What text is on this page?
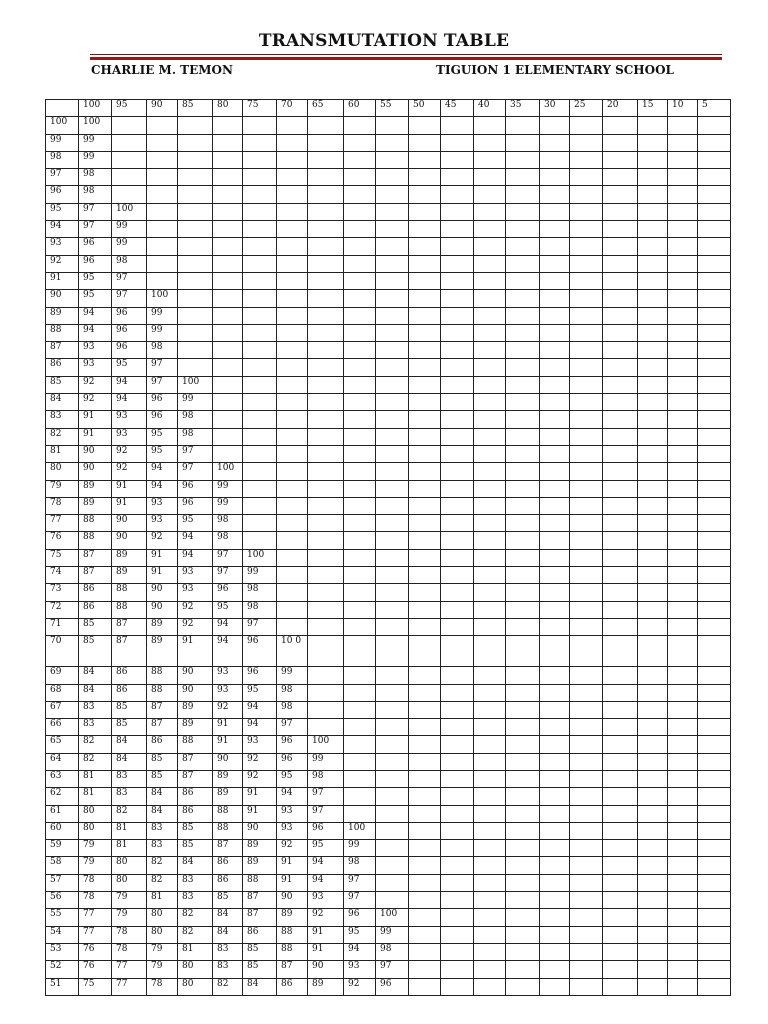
TRANSMUTATION TABLE
CHARLIE M. TEMON	TIGUION 1 ELEMENTARY SCHOOL
	100	95	90	85	80	75	70	65	60	55	50	45	40	35	30	25	20	15	10	5
100	100																			
99	99																			
98	99																			
97	98																			
96	98																			
95	97	100																		
94	97	99																		
93	96	99																		
92	96	98																		
91	95	97																		
90	95	97	100																	
89	94	96	99																	
88	94	96	99																	
87	93	96	98																	
86	93	95	97																	
85	92	94	97	100																
84	92	94	96	99																
83	91	93	96	98																
82	91	93	95	98																
81	90	92	95	97																
80	90	92	94	97	100															
79	89	91	94	96	99															
78	89	91	93	96	99															
77	88	90	93	95	98															
76	88	90	92	94	98															
75	87	89	91	94	97	100														
74	87	89	91	93	97	99														
73	86	88	90	93	96	98														
72	86	88	90	92	95	98														
71	85	87	89	92	94	97														
70	85	87	89	91	94	96	10 0													
69	84	86	88	90	93	96	99													
68	84	86	88	90	93	95	98													
67	83	85	87	89	92	94	98													
66	83	85	87	89	91	94	97													
65	82	84	86	88	91	93	96	100												
64	82	84	85	87	90	92	96	99												
63	81	83	85	87	89	92	95	98												
62	81	83	84	86	89	91	94	97												
61	80	82	84	86	88	91	93	97												
60	80	81	83	85	88	90	93	96	100											
59	79	81	83	85	87	89	92	95	99											
58	79	80	82	84	86	89	91	94	98											
57	78	80	82	83	86	88	91	94	97											
56	78	79	81	83	85	87	90	93	97											
55	77	79	80	82	84	87	89	92	96	100										
54	77	78	80	82	84	86	88	91	95	99										
53	76	78	79	81	83	85	88	91	94	98										
52	76	77	79	80	83	85	87	90	93	97										
51	75	77	78	80	82	84	86	89	92	96										
